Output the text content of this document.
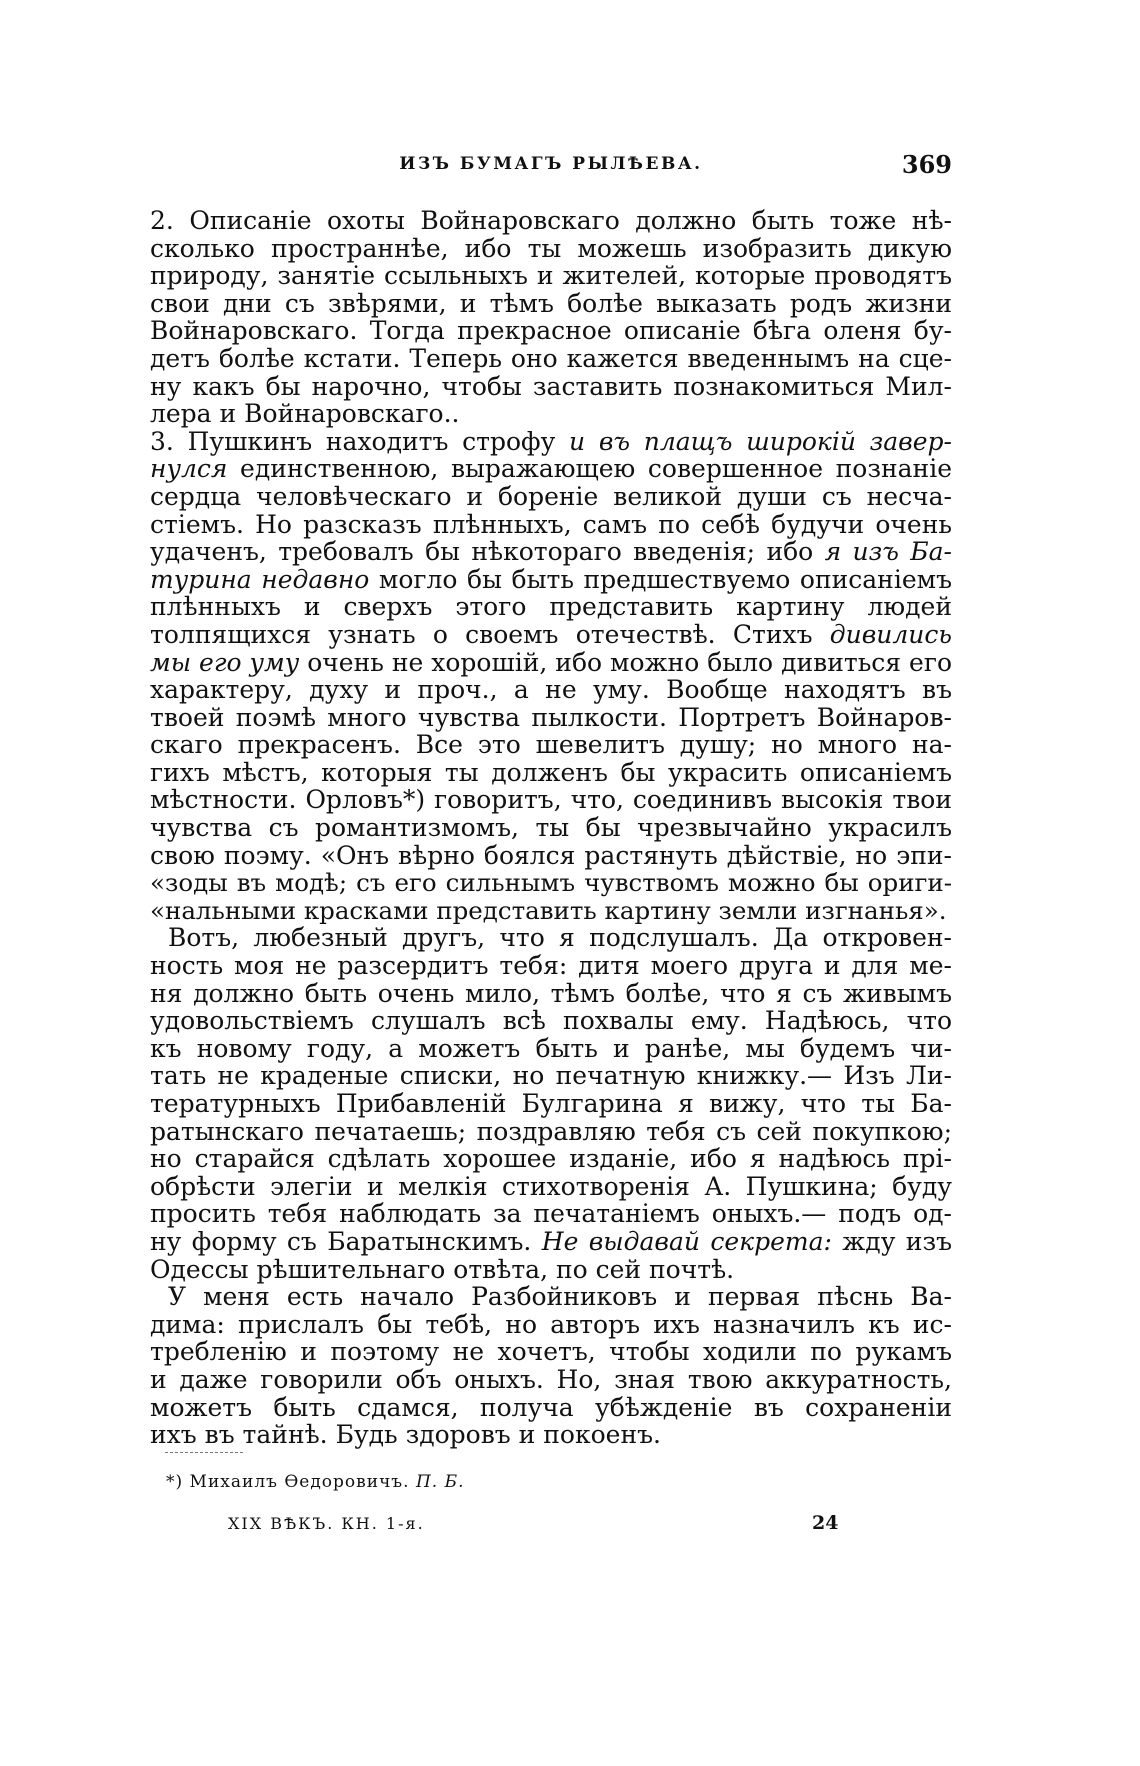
ИЗЪ БУМАГЪ РЫЛѢЕВА.	369
2. Описаніе охоты Войнаровскаго должно быть тоже нѣ-
сколько пространнѣе, ибо ты можешь изобразить дикую
природу, занятіе ссыльныхъ и жителей, которые проводятъ
свои дни съ звѣрями, и тѣмъ болѣе выказать родъ жизни
Войнаровскаго. Тогда прекрасное описаніе бѣга оленя бу-
детъ болѣе кстати. Теперь оно кажется введеннымъ на сце-
ну какъ бы нарочно, чтобы заставить познакомиться Мил-
лера и Войнаровскаго..
3. Пушкинъ находитъ строфу и въ плащъ широкій завер-
нулся единственною, выражающею совершенное познаніе
сердца человѣческаго и бореніе великой души съ несча-
стіемъ. Но разсказъ плѣнныхъ, самъ по себѣ будучи очень
удаченъ, требовалъ бы нѣкотораго введенія; ибо я изъ Ба-
турина недавно могло бы быть предшествуемо описаніемъ
плѣнныхъ и сверхъ этого представить картину людей
толпящихся узнать о своемъ отечествѣ. Стихъ дивились
мы его уму очень не хорошій, ибо можно было дивиться его
характеру, духу и проч., а не уму. Вообще находятъ въ
твоей поэмѣ много чувства пылкости. Портретъ Войнаров-
скаго прекрасенъ. Все это шевелитъ душу; но много на-
гихъ мѣстъ, которыя ты долженъ бы украсить описаніемъ
мѣстности. Орловъ*) говоритъ, что, соединивъ высокія твои
чувства съ романтизмомъ, ты бы чрезвычайно украсилъ
свою поэму. «Онъ вѣрно боялся растянуть дѣйствіе, но эпи-
«зоды въ модѣ; съ его сильнымъ чувствомъ можно бы ориги-
«нальными красками представить картину земли изгнанья».
Вотъ, любезный другъ, что я подслушалъ. Да откровен-
ность моя не разсердитъ тебя: дитя моего друга и для ме-
ня должно быть очень мило, тѣмъ болѣе, что я съ живымъ
удовольствіемъ слушалъ всѣ похвалы ему. Надѣюсь, что
къ новому году, а можетъ быть и ранѣе, мы будемъ чи-
тать не краденые списки, но печатную книжку.— Изъ Ли-
тературныхъ Прибавленій Булгарина я вижу, что ты Ба-
ратынскаго печатаешь; поздравляю тебя съ сей покупкою;
но старайся сдѣлать хорошее изданіе, ибо я надѣюсь прі-
обрѣсти элегіи и мелкія стихотворенія А. Пушкина; буду
просить тебя наблюдать за печатаніемъ оныхъ.— подъ од-
ну форму съ Баратынскимъ. Не выдавай секрета: жду изъ
Одессы рѣшительнаго отвѣта, по сей почтѣ.
У меня есть начало Разбойниковъ и первая пѣснь Ва-
дима: прислалъ бы тебѣ, но авторъ ихъ назначилъ къ ис-
требленію и поэтому не хочетъ, чтобы ходили по рукамъ
и даже говорили объ оныхъ. Но, зная твою аккуратность,
можетъ быть сдамся, получа убѣжденіе въ сохраненіи
ихъ въ тайнѣ. Будь здоровъ и покоенъ.
*) Михаилъ Ѳедоровичъ. П. Б.
XIX ВѢКЪ. КН. 1-я.	24
